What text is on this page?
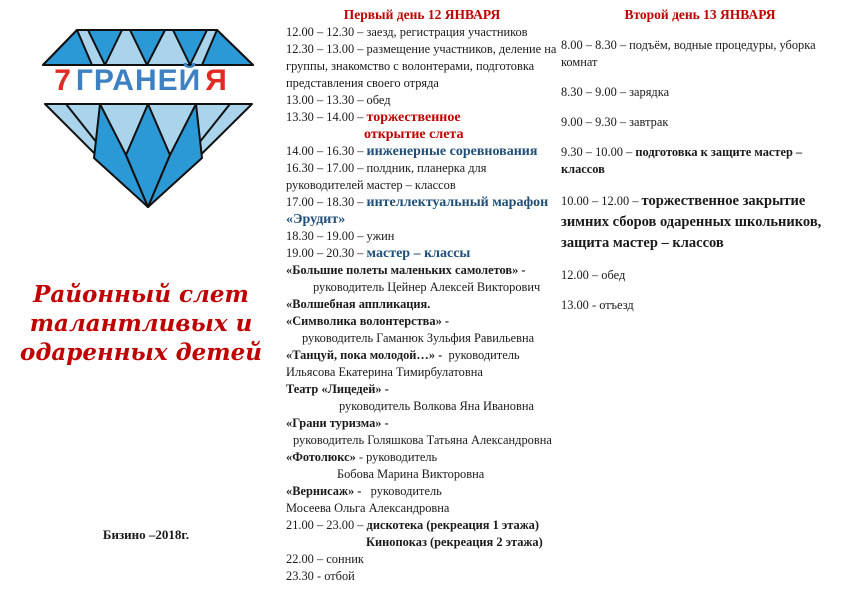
7 ГРАНЕЙ Я
Районный слет
талантливых и
одаренных детей
Бизино –2018г.
Первый день 12 ЯНВАРЯ
12.00 – 12.30 – заезд, регистрация участников
12.30 – 13.00 – размещение участников, деление на
группы, знакомство с волонтерами, подготовка
представления своего отряда
13.00 – 13.30 – обед
13.30 – 14.00 – торжественное
открытие слета
14.00 – 16.30 – инженерные соревнования
16.30 – 17.00 – полдник, планерка для
руководителей мастер – классов
17.00 – 18.30 – интеллектуальный марафон
«Эрудит»
18.30 – 19.00 – ужин
19.00 – 20.30 – мастер – классы
«Большие полеты маленьких самолетов» -
руководитель Цейнер Алексей Викторович
«Волшебная аппликация.
«Символика волонтерства» -
руководитель Гаманюк Зульфия Равильевна
«Танцуй, пока молодой…» -  руководитель
Ильясова Екатерина Тимирбулатовна
Театр «Лицедей» -
руководитель Волкова Яна Ивановна
«Грани туризма» -
руководитель Голяшкова Татьяна Александровна
«Фотолюкс» - руководитель
Бобова Марина Викторовна
«Вернисаж» -   руководитель
Мосеева Ольга Александровна
21.00 – 23.00 – дискотека (рекреация 1 этажа)
Кинопоказ (рекреация 2 этажа)
22.00 – сонник
23.30 - отбой
Второй день 13 ЯНВАРЯ
8.00 – 8.30 – подъём, водные процедуры, уборка
комнат
8.30 – 9.00 – зарядка
9.00 – 9.30 – завтрак
9.30 – 10.00 – подготовка к защите мастер –
классов
10.00 – 12.00 – торжественное закрытие
зимних сборов одаренных школьников,
защита мастер – классов
12.00 – обед
13.00 - отъезд
